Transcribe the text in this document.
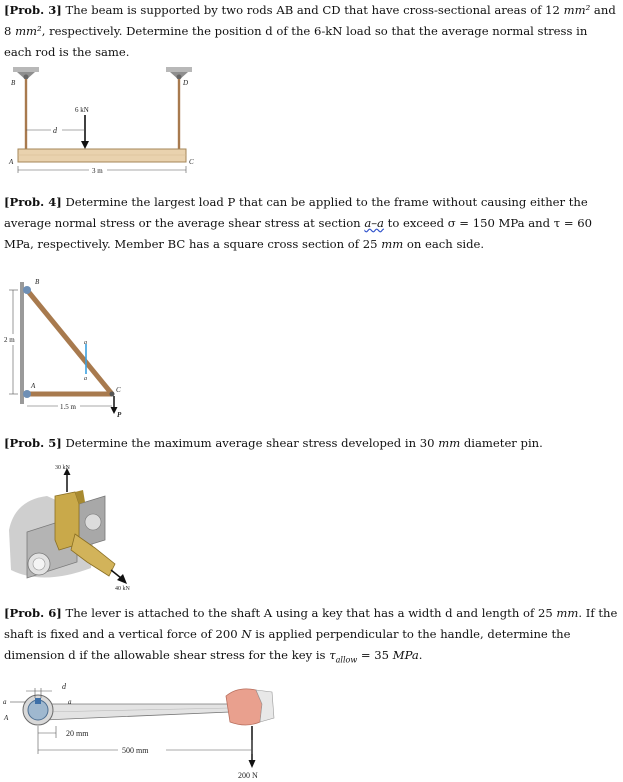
[Prob. 3] The beam is supported by two rods AB and CD that have cross-sectional areas of 12 mm² and 8 mm², respectively. Determine the position d of the 6-kN load so that the average normal stress in each rod is the same.

6 kN
d
3 m
B	D
A	C

[Prob. 4] Determine the largest load P that can be applied to the frame without causing either the average normal stress or the average shear stress at section a–a to exceed σ = 150 MPa and τ = 60 MPa, respectively. Member BC has a square cross section of 25 mm on each side.

a
a
P
2 m
1.5 m
B
A	C

[Prob. 5] Determine the maximum average shear stress developed in 30 mm diameter pin.

30 kN
40 kN

[Prob. 6] The lever is attached to the shaft A using a key that has a width d and length of 25 mm. If the shaft is fixed and a vertical force of 200 N is applied perpendicular to the handle, determine the dimension d if the allowable shear stress for the key is $\tau_{allow} = 35$ MPa.

200 N
d
a	a
A
20 mm
500 mm
